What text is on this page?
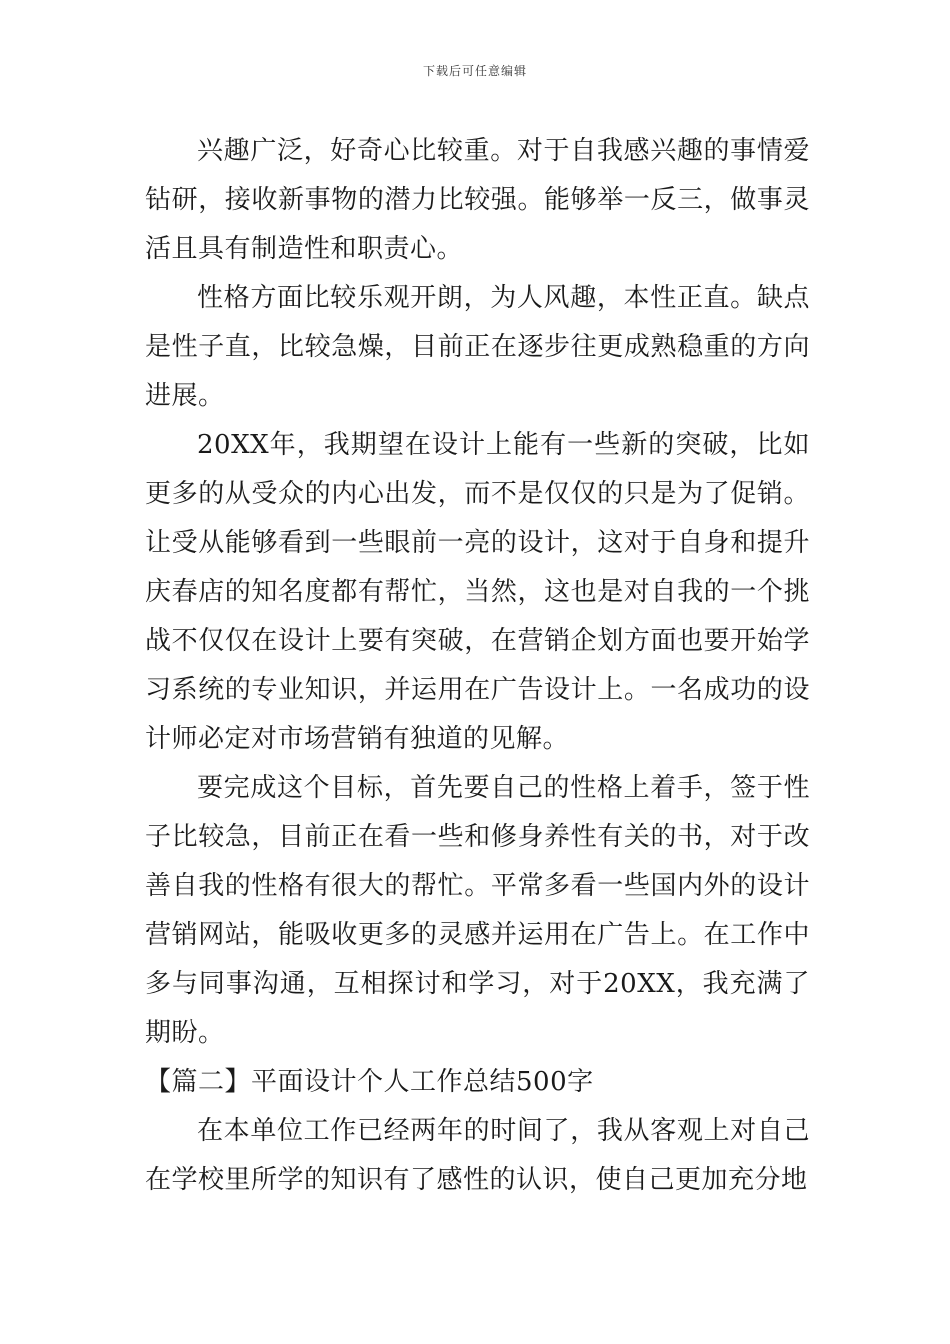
下载后可任意编辑

兴趣广泛，好奇心比较重。对于自我感兴趣的事情爱钻研，接收新事物的潜力比较强。能够举一反三，做事灵活且具有制造性和职责心。

性格方面比较乐观开朗，为人风趣，本性正直。缺点是性子直，比较急燥，目前正在逐步往更成熟稳重的方向进展。

20XX年，我期望在设计上能有一些新的突破，比如更多的从受众的内心出发，而不是仅仅的只是为了促销。让受从能够看到一些眼前一亮的设计，这对于自身和提升庆春店的知名度都有帮忙，当然，这也是对自我的一个挑战不仅仅在设计上要有突破，在营销企划方面也要开始学习系统的专业知识，并运用在广告设计上。一名成功的设计师必定对市场营销有独道的见解。

要完成这个目标，首先要自己的性格上着手，签于性子比较急，目前正在看一些和修身养性有关的书，对于改善自我的性格有很大的帮忙。平常多看一些国内外的设计营销网站，能吸收更多的灵感并运用在广告上。在工作中多与同事沟通，互相探讨和学习，对于20XX，我充满了期盼。

【篇二】平面设计个人工作总结500字

在本单位工作已经两年的时间了，我从客观上对自己在学校里所学的知识有了感性的认识，使自己更加充分地
